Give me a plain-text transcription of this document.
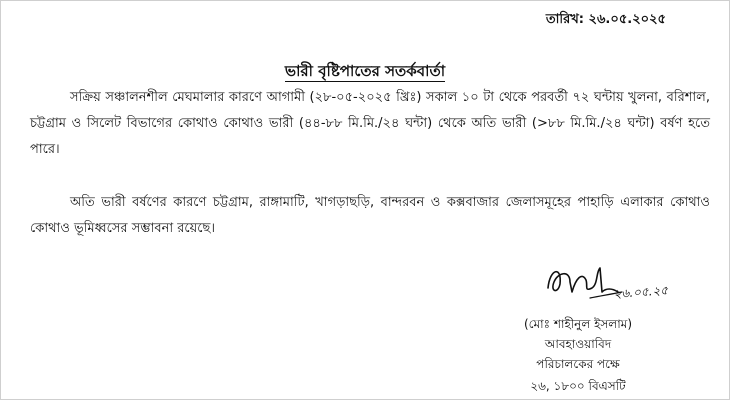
তারিখ: ২৬.০৫.২০২৫
ভারী বৃষ্টিপাতের সতর্কবার্তা
সক্রিয় সঞ্চালনশীল মেঘমালার কারণে আগামী (২৮-০৫-২০২৫ খ্রিঃ) সকাল ১০ টা থেকে পরবর্তী ৭২ ঘন্টায় খুলনা, বরিশাল, চট্টগ্রাম ও সিলেট বিভাগের কোথাও কোথাও ভারী (৪৪-৮৮ মি.মি./২৪ ঘন্টা) থেকে অতি ভারী (>৮৮ মি.মি./২৪ ঘন্টা) বর্ষণ হতে পারে।
অতি ভারী বর্ষণের কারণে চট্টগ্রাম, রাঙ্গামাটি, খাগড়াছড়ি, বান্দরবন ও কক্সবাজার জেলাসমূহের পাহাড়ি এলাকার কোথাও কোথাও ভূমিধ্বসের সম্ভাবনা রয়েছে।
২৬.০৫.২৫
(মোঃ শাহীনুল ইসলাম)
আবহাওয়াবিদ
পরিচালকের পক্ষে
২৬, ১৮০০ বিএসটি
